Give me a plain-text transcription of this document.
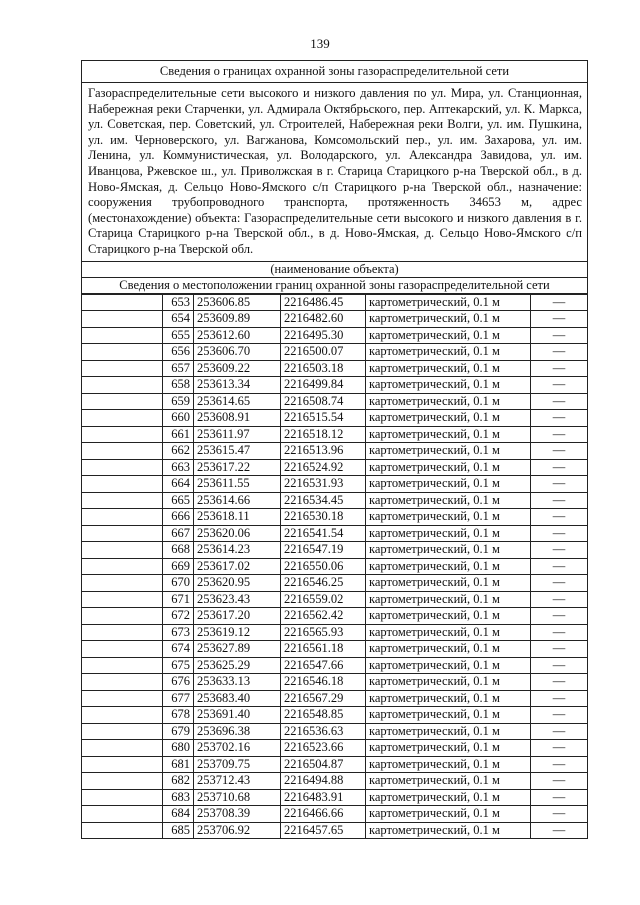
139
Сведения о границах охранной зоны газораспределительной сети
Газораспределительные сети высокого и низкого давления по ул. Мира, ул. Станционная, Набережная реки Старченки, ул. Адмирала Октябрьского, пер. Аптекарский, ул. К. Маркса, ул. Советская, пер. Советский, ул. Строителей, Набережная реки Волги, ул. им. Пушкина, ул. им. Черноверского, ул. Вагжанова, Комсомольский пер., ул. им. Захарова, ул. им. Ленина, ул. Коммунистическая, ул. Володарского, ул. Александра Завидова, ул. им. Иванцова, Ржевское ш., ул. Приволжская в г. Старица Старицкого р-на Тверской обл., в д. Ново-Ямская, д. Сельцо Ново-Ямского с/п Старицкого р-на Тверской обл., назначение: сооружения трубопроводного транспорта, протяженность 34653 м, адрес (местонахождение) объекта: Газораспределительные сети высокого и низкого давления в г. Старица Старицкого р-на Тверской обл., в д. Ново-Ямская, д. Сельцо Ново-Ямского с/п Старицкого р-на Тверской обл.
(наименование объекта)
Сведения о местоположении границ охранной зоны газораспределительной сети
	653	253606.85	2216486.45	картометрический, 0.1 м	—
	654	253609.89	2216482.60	картометрический, 0.1 м	—
	655	253612.60	2216495.30	картометрический, 0.1 м	—
	656	253606.70	2216500.07	картометрический, 0.1 м	—
	657	253609.22	2216503.18	картометрический, 0.1 м	—
	658	253613.34	2216499.84	картометрический, 0.1 м	—
	659	253614.65	2216508.74	картометрический, 0.1 м	—
	660	253608.91	2216515.54	картометрический, 0.1 м	—
	661	253611.97	2216518.12	картометрический, 0.1 м	—
	662	253615.47	2216513.96	картометрический, 0.1 м	—
	663	253617.22	2216524.92	картометрический, 0.1 м	—
	664	253611.55	2216531.93	картометрический, 0.1 м	—
	665	253614.66	2216534.45	картометрический, 0.1 м	—
	666	253618.11	2216530.18	картометрический, 0.1 м	—
	667	253620.06	2216541.54	картометрический, 0.1 м	—
	668	253614.23	2216547.19	картометрический, 0.1 м	—
	669	253617.02	2216550.06	картометрический, 0.1 м	—
	670	253620.95	2216546.25	картометрический, 0.1 м	—
	671	253623.43	2216559.02	картометрический, 0.1 м	—
	672	253617.20	2216562.42	картометрический, 0.1 м	—
	673	253619.12	2216565.93	картометрический, 0.1 м	—
	674	253627.89	2216561.18	картометрический, 0.1 м	—
	675	253625.29	2216547.66	картометрический, 0.1 м	—
	676	253633.13	2216546.18	картометрический, 0.1 м	—
	677	253683.40	2216567.29	картометрический, 0.1 м	—
	678	253691.40	2216548.85	картометрический, 0.1 м	—
	679	253696.38	2216536.63	картометрический, 0.1 м	—
	680	253702.16	2216523.66	картометрический, 0.1 м	—
	681	253709.75	2216504.87	картометрический, 0.1 м	—
	682	253712.43	2216494.88	картометрический, 0.1 м	—
	683	253710.68	2216483.91	картометрический, 0.1 м	—
	684	253708.39	2216466.66	картометрический, 0.1 м	—
	685	253706.92	2216457.65	картометрический, 0.1 м	—
